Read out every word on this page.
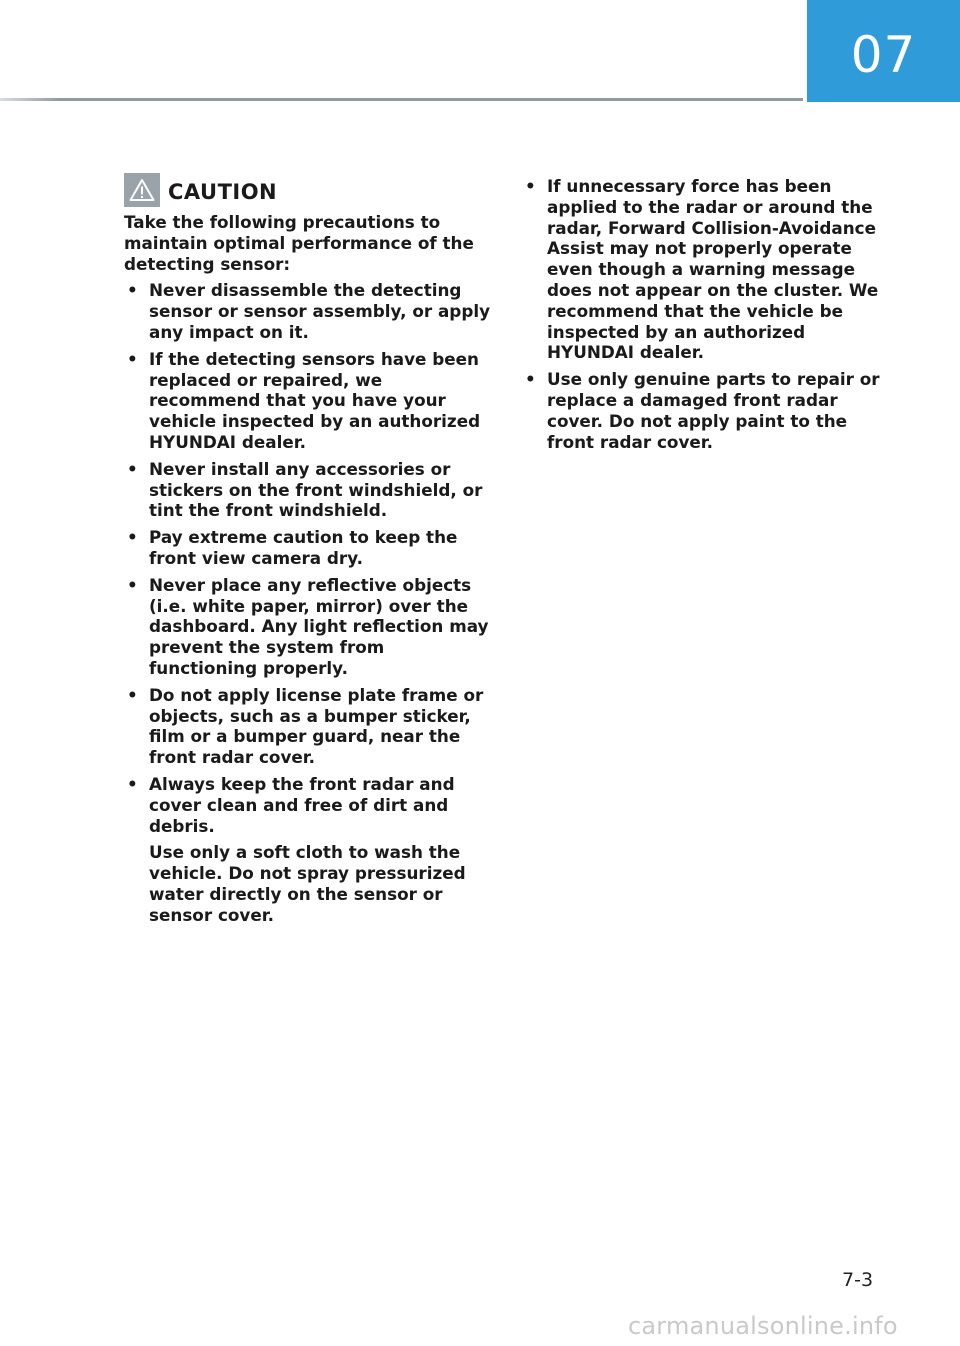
07
CAUTION
Take the following precautions to maintain optimal performance of the detecting sensor:
• Never disassemble the detecting sensor or sensor assembly, or apply any impact on it.
• If the detecting sensors have been replaced or repaired, we recommend that you have your vehicle inspected by an authorized HYUNDAI dealer.
• Never install any accessories or stickers on the front windshield, or tint the front windshield.
• Pay extreme caution to keep the front view camera dry.
• Never place any reflective objects (i.e. white paper, mirror) over the dashboard. Any light reflection may prevent the system from functioning properly.
• Do not apply license plate frame or objects, such as a bumper sticker, film or a bumper guard, near the front radar cover.
• Always keep the front radar and cover clean and free of dirt and debris.
Use only a soft cloth to wash the vehicle. Do not spray pressurized water directly on the sensor or sensor cover.
• If unnecessary force has been applied to the radar or around the radar, Forward Collision-Avoidance Assist may not properly operate even though a warning message does not appear on the cluster. We recommend that the vehicle be inspected by an authorized HYUNDAI dealer.
• Use only genuine parts to repair or replace a damaged front radar cover. Do not apply paint to the front radar cover.
7-3
carmanualsonline.info
